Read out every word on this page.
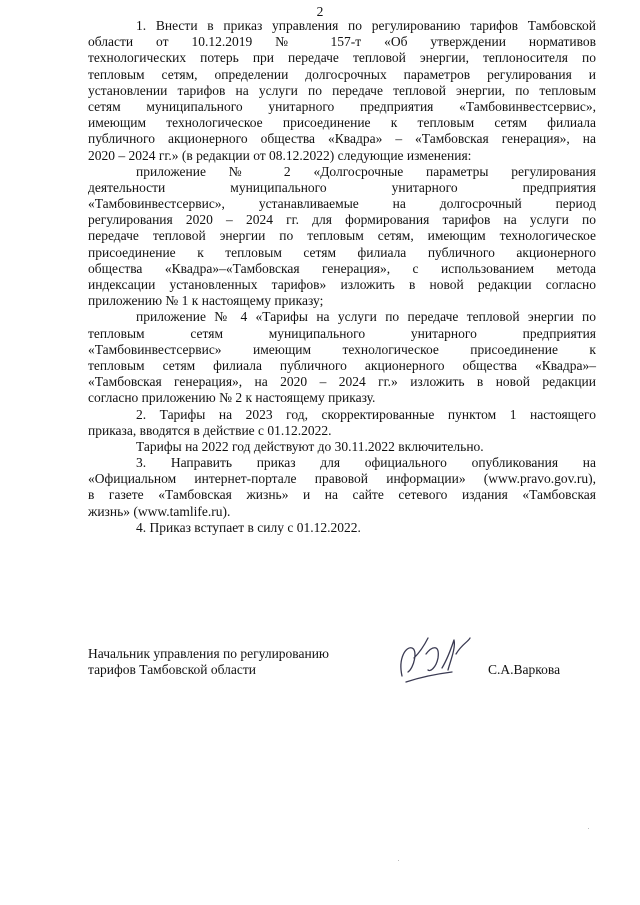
2
1. Внести в приказ управления по регулированию тарифов Тамбовской
области от 10.12.2019 № 157-т «Об утверждении нормативов
технологических потерь при передаче тепловой энергии, теплоносителя по
тепловым сетям, определении долгосрочных параметров регулирования и
установлении тарифов на услуги по передаче тепловой энергии, по тепловым
сетям муниципального унитарного предприятия «Тамбовинвестсервис»,
имеющим технологическое присоединение к тепловым сетям филиала
публичного акционерного общества «Квадра» – «Тамбовская генерация», на
2020 – 2024 гг.» (в редакции от 08.12.2022) следующие изменения:
приложение № 2 «Долгосрочные параметры регулирования
деятельности муниципального унитарного предприятия
«Тамбовинвестсервис», устанавливаемые на долгосрочный период
регулирования 2020 – 2024 гг. для формирования тарифов на услуги по
передаче тепловой энергии по тепловым сетям, имеющим технологическое
присоединение к тепловым сетям филиала публичного акционерного
общества «Квадра»–«Тамбовская генерация», с использованием метода
индексации установленных тарифов» изложить в новой редакции согласно
приложению № 1 к настоящему приказу;
приложение № 4 «Тарифы на услуги по передаче тепловой энергии по
тепловым сетям муниципального унитарного предприятия
«Тамбовинвестсервис» имеющим технологическое присоединение к
тепловым сетям филиала публичного акционерного общества «Квадра»–
«Тамбовская генерация», на 2020 – 2024 гг.» изложить в новой редакции
согласно приложению № 2 к настоящему приказу.
2. Тарифы на 2023 год, скорректированные пунктом 1 настоящего
приказа, вводятся в действие с 01.12.2022.
Тарифы на 2022 год действуют до 30.11.2022 включительно.
3. Направить приказ для официального опубликования на
«Официальном интернет-портале правовой информации» (www.pravo.gov.ru),
в газете «Тамбовская жизнь» и на сайте сетевого издания «Тамбовская
жизнь» (www.tamlife.ru).
4. Приказ вступает в силу с 01.12.2022.
Начальник управления по регулированию
тарифов Тамбовской области	С.А.Варкова
